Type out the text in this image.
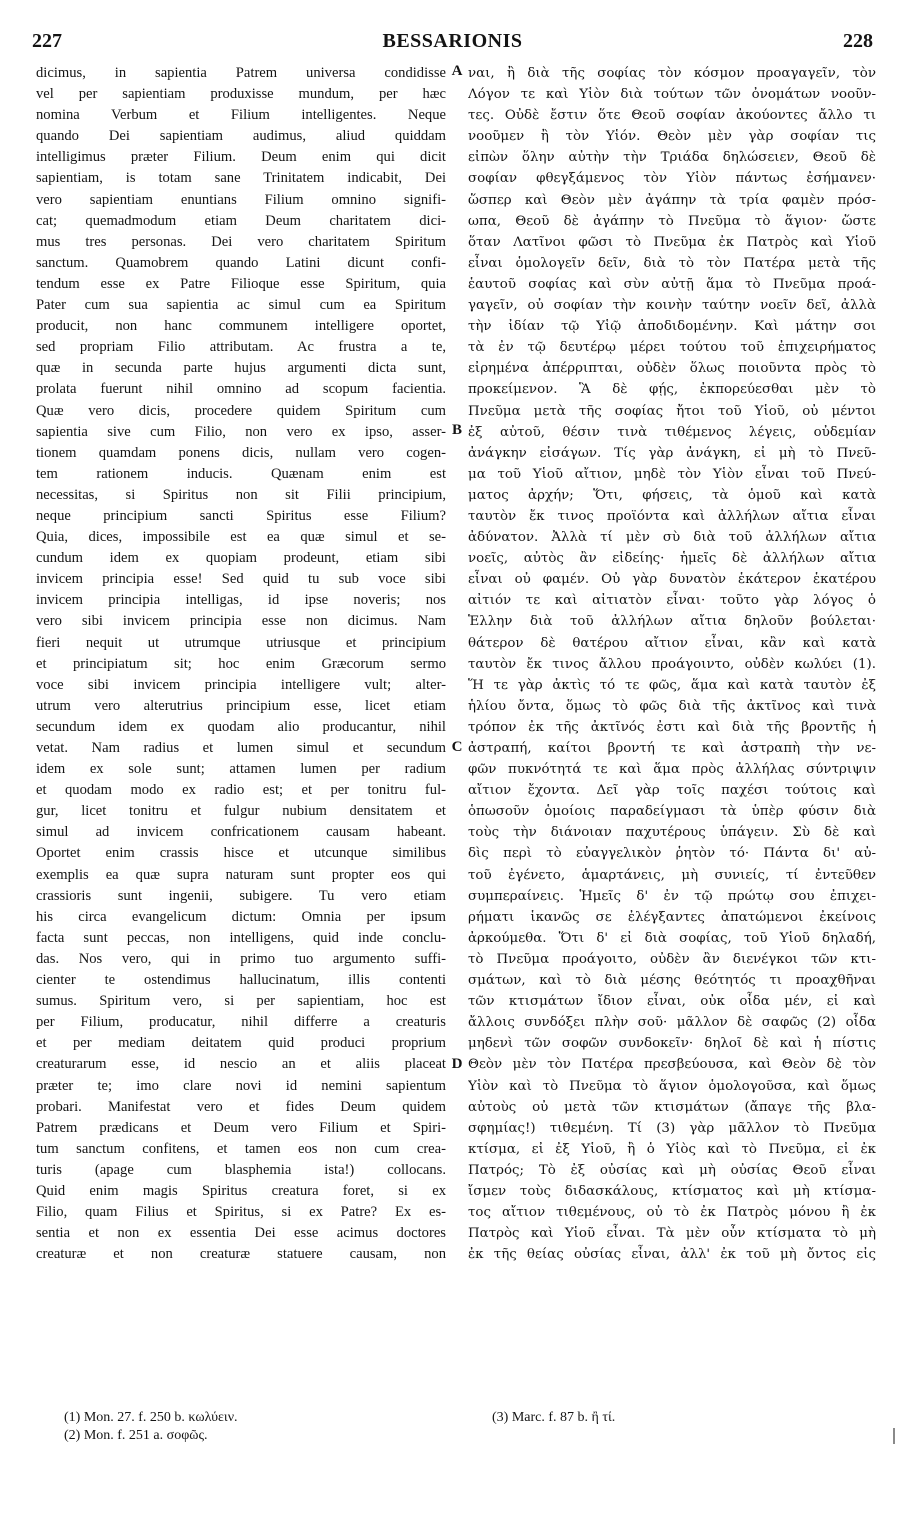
227	BESSARIONIS	228
dicimus, in sapientia Patrem universa condidisse
vel per sapientiam produxisse mundum, per hæc
nomina Verbum et Filium intelligentes. Neque
quando Dei sapientiam audimus, aliud quiddam
intelligimus præter Filium. Deum enim qui dicit
sapientiam, is totam sane Trinitatem indicabit, Dei
vero sapientiam enuntians Filium omnino signifi-
cat; quemadmodum etiam Deum charitatem dici-
mus tres personas. Dei vero charitatem Spiritum
sanctum. Quamobrem quando Latini dicunt confi-
tendum esse ex Patre Filioque esse Spiritum, quia
Pater cum sua sapientia ac simul cum ea Spiritum
producit, non hanc communem intelligere oportet,
sed propriam Filio attributam. Ac frustra a te,
quæ in secunda parte hujus argumenti dicta sunt,
prolata fuerunt nihil omnino ad scopum facientia.
Quæ vero dicis, procedere quidem Spiritum cum
sapientia sive cum Filio, non vero ex ipso, asser-
tionem quamdam ponens dicis, nullam vero cogen-
tem rationem inducis. Quænam enim est
necessitas, si Spiritus non sit Filii principium,
neque principium sancti Spiritus esse Filium?
Quia, dices, impossibile est ea quæ simul et se-
cundum idem ex quopiam prodeunt, etiam sibi
invicem principia esse! Sed quid tu sub voce sibi
invicem principia intelligas, id ipse noveris; nos
vero sibi invicem principia esse non dicimus. Nam
fieri nequit ut utrumque utriusque et principium
et principiatum sit; hoc enim Græcorum sermo
voce sibi invicem principia intelligere vult; alter-
utrum vero alterutrius principium esse, licet etiam
secundum idem ex quodam alio producantur, nihil
vetat. Nam radius et lumen simul et secundum
idem ex sole sunt; attamen lumen per radium
et quodam modo ex radio est; et per tonitru ful-
gur, licet tonitru et fulgur nubium densitatem et
simul ad invicem confricationem causam habeant.
Oportet enim crassis hisce et utcunque similibus
exemplis ea quæ supra naturam sunt propter eos qui
crassioris sunt ingenii, subigere. Tu vero etiam
his circa evangelicum dictum: Omnia per ipsum
facta sunt peccas, non intelligens, quid inde conclu-
das. Nos vero, qui in primo tuo argumento suffi-
cienter te ostendimus hallucinatum, illis contenti
sumus. Spiritum vero, si per sapientiam, hoc est
per Filium, producatur, nihil differre a creaturis
et per mediam deitatem quid produci proprium
creaturarum esse, id nescio an et aliis placeat
præter te; imo clare novi id nemini sapientum
probari. Manifestat vero et fides Deum quidem
Patrem prædicans et Deum vero Filium et Spiri-
tum sanctum confitens, et tamen eos non cum crea-
turis (apage cum blasphemia ista!) collocans.
Quid enim magis Spiritus creatura foret, si ex
Filio, quam Filius et Spiritus, si ex Patre? Ex es-
sentia et non ex essentia Dei esse acimus doctores
creaturæ et non creaturæ statuere causam, non
ναι, ἢ διὰ τῆς σοφίας τὸν κόσμον προαγαγεῖν, τὸν
Λόγον τε καὶ Υἱὸν διὰ τούτων τῶν ὀνομάτων νοοῦν-
τες. Οὐδὲ ἔστιν ὅτε Θεοῦ σοφίαν ἀκούοντες ἄλλο τι
νοοῦμεν ἢ τὸν Υἱόν. Θεὸν μὲν γὰρ σοφίαν τις
εἰπὼν ὅλην αὐτὴν τὴν Τριάδα δηλώσειεν, Θεοῦ δὲ
σοφίαν φθεγξάμενος τὸν Υἱὸν πάντως ἐσήμανεν·
ὥσπερ καὶ Θεὸν μὲν ἀγάπην τὰ τρία φαμὲν πρόσ-
ωπα, Θεοῦ δὲ ἀγάπην τὸ Πνεῦμα τὸ ἅγιον· ὥστε
ὅταν Λατῖνοι φῶσι τὸ Πνεῦμα ἐκ Πατρὸς καὶ Υἱοῦ
εἶναι ὁμολογεῖν δεῖν, διὰ τὸ τὸν Πατέρα μετὰ τῆς
ἑαυτοῦ σοφίας καὶ σὺν αὐτῇ ἅμα τὸ Πνεῦμα προά-
γαγεῖν, οὐ σοφίαν τὴν κοινὴν ταύτην νοεῖν δεῖ, ἀλλὰ
τὴν ἰδίαν τῷ Υἱῷ ἀποδιδομένην. Καὶ μάτην σοι
τὰ ἐν τῷ δευτέρῳ μέρει τούτου τοῦ ἐπιχειρήματος
εἰρημένα ἀπέρριπται, οὐδὲν ὅλως ποιοῦντα πρὸς τὸ
προκείμενον. Ἃ δὲ φῄς, ἐκπορεύεσθαι μὲν τὸ
Πνεῦμα μετὰ τῆς σοφίας ἤτοι τοῦ Υἱοῦ, οὐ μέντοι
ἐξ αὐτοῦ, θέσιν τινὰ τιθέμενος λέγεις, οὐδεμίαν
ἀνάγκην εἰσάγων. Τίς γὰρ ἀνάγκη, εἰ μὴ τὸ Πνεῦ-
μα τοῦ Υἱοῦ αἴτιον, μηδὲ τὸν Υἱὸν εἶναι τοῦ Πνεύ-
ματος ἀρχήν; Ὅτι, φήσεις, τὰ ὁμοῦ καὶ κατὰ
ταυτὸν ἔκ τινος προϊόντα καὶ ἀλλήλων αἴτια εἶναι
ἀδύνατον. Ἀλλὰ τί μὲν σὺ διὰ τοῦ ἀλλήλων αἴτια
νοεῖς, αὐτὸς ἂν εἰδείης· ἡμεῖς δὲ ἀλλήλων αἴτια
εἶναι οὐ φαμέν. Οὐ γὰρ δυνατὸν ἑκάτερον ἑκατέρου
αἰτιόν τε καὶ αἰτιατὸν εἶναι· τοῦτο γὰρ λόγος ὁ
Ἑλλην διὰ τοῦ ἀλλήλων αἴτια δηλοῦν βούλεται·
θάτερον δὲ θατέρου αἴτιον εἶναι, κἂν καὶ κατὰ
ταυτὸν ἔκ τινος ἄλλου προάγοιντο, οὐδὲν κωλύει (1).
Ἥ τε γὰρ ἀκτὶς τό τε φῶς, ἅμα καὶ κατὰ ταυτὸν ἐξ
ἡλίου ὄντα, ὅμως τὸ φῶς διὰ τῆς ἀκτῖνος καὶ τινὰ
τρόπον ἐκ τῆς ἀκτῖνός ἐστι καὶ διὰ τῆς βροντῆς ἡ
ἀστραπή, καίτοι βροντή τε καὶ ἀστραπὴ τὴν νε-
φῶν πυκνότητά τε καὶ ἅμα πρὸς ἀλλήλας σύντριψιν
αἴτιον ἔχοντα. Δεῖ γὰρ τοῖς παχέσι τούτοις καὶ
ὁπωσοῦν ὁμοίοις παραδείγμασι τὰ ὑπὲρ φύσιν διὰ
τοὺς τὴν διάνοιαν παχυτέρους ὑπάγειν. Σὺ δὲ καὶ
δὶς περὶ τὸ εὐαγγελικὸν ῥητὸν τό· Πάντα δι' αὐ-
τοῦ ἐγένετο, ἁμαρτάνεις, μὴ συνιείς, τί ἐντεῦθεν
συμπεραίνεις. Ἡμεῖς δ' ἐν τῷ πρώτῳ σου ἐπιχει-
ρήματι ἱκανῶς σε ἐλέγξαντες ἀπατώμενοι ἐκείνοις
ἀρκούμεθα. Ὅτι δ' εἰ διὰ σοφίας, τοῦ Υἱοῦ δηλαδή,
τὸ Πνεῦμα προάγοιτο, οὐδὲν ἂν διενέγκοι τῶν κτι-
σμάτων, καὶ τὸ διὰ μέσης θεότητός τι προαχθῆναι
τῶν κτισμάτων ἴδιον εἶναι, οὐκ οἶδα μέν, εἰ καὶ
ἄλλοις συνδόξει πλὴν σοῦ· μᾶλλον δὲ σαφῶς (2) οἶδα
μηδενὶ τῶν σοφῶν συνδοκεῖν· δηλοῖ δὲ καὶ ἡ πίστις
Θεὸν μὲν τὸν Πατέρα πρεσβεύουσα, καὶ Θεὸν δὲ τὸν
Υἱὸν καὶ τὸ Πνεῦμα τὸ ἅγιον ὁμολογοῦσα, καὶ ὅμως
αὐτοὺς οὐ μετὰ τῶν κτισμάτων (ἄπαγε τῆς βλα-
σφημίας!) τιθεμένη. Τί (3) γὰρ μᾶλλον τὸ Πνεῦμα
κτίσμα, εἰ ἐξ Υἱοῦ, ἢ ὁ Υἱὸς καὶ τὸ Πνεῦμα, εἰ ἐκ
Πατρός; Τὸ ἐξ οὐσίας καὶ μὴ οὐσίας Θεοῦ εἶναι
ἴσμεν τοὺς διδασκάλους, κτίσματος καὶ μὴ κτίσμα-
τος αἴτιον τιθεμένους, οὐ τὸ ἐκ Πατρὸς μόνου ἢ ἐκ
Πατρὸς καὶ Υἱοῦ εἶναι. Τὰ μὲν οὖν κτίσματα τὸ μὴ
ἐκ τῆς θείας οὐσίας εἶναι, ἀλλ' ἐκ τοῦ μὴ ὄντος εἰς
A
B
C
D
(1) Mon. 27. f. 250 b. κωλύειν.
(2) Mon. f. 251 a. σοφῶς.
(3) Marc. f. 87 b. ἢ τί.
